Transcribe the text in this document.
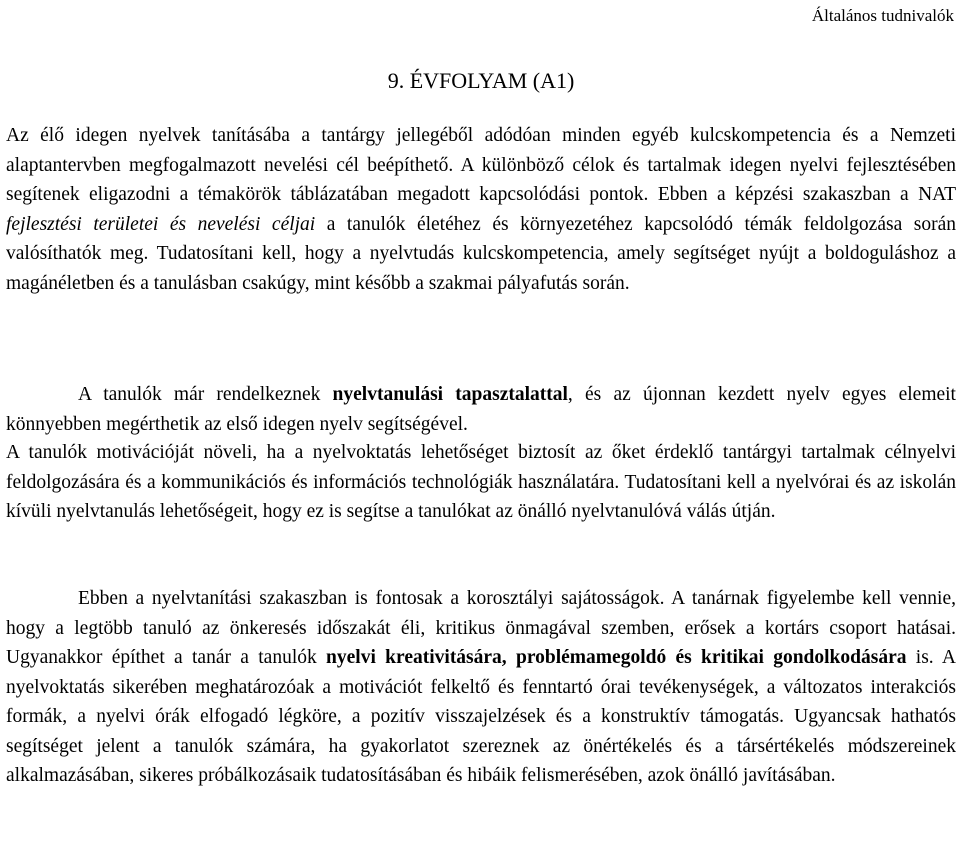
Általános tudnivalók
9. ÉVFOLYAM (A1)

Az élő idegen nyelvek tanításába a tantárgy jellegéből adódóan minden egyéb kulcskompetencia és a Nemzeti alaptantervben megfogalmazott nevelési cél beépíthető. A különböző célok és tartalmak idegen nyelvi fejlesztésében segítenek eligazodni a témakörök táblázatában megadott kapcsolódási pontok. Ebben a képzési szakaszban a NAT fejlesztési területei és nevelési céljai a tanulók életéhez és környezetéhez kapcsolódó témák feldolgozása során valósíthatók meg. Tudatosítani kell, hogy a nyelvtudás kulcskompetencia, amely segítséget nyújt a boldoguláshoz a magánéletben és a tanulásban csakúgy, mint később a szakmai pályafutás során.

A tanulók már rendelkeznek nyelvtanulási tapasztalattal, és az újonnan kezdett nyelv egyes elemeit könnyebben megérthetik az első idegen nyelv segítségével.

A tanulók motivációját növeli, ha a nyelvoktatás lehetőséget biztosít az őket érdeklő tantárgyi tartalmak célnyelvi feldolgozására és a kommunikációs és információs technológiák használatára. Tudatosítani kell a nyelvórai és az iskolán kívüli nyelvtanulás lehetőségeit, hogy ez is segítse a tanulókat az önálló nyelvtanulóvá válás útján.

Ebben a nyelvtanítási szakaszban is fontosak a korosztályi sajátosságok. A tanárnak figyelembe kell vennie, hogy a legtöbb tanuló az önkeresés időszakát éli, kritikus önmagával szemben, erősek a kortárs csoport hatásai. Ugyanakkor építhet a tanár a tanulók nyelvi kreativitására, problémamegoldó és kritikai gondolkodására is. A nyelvoktatás sikerében meghatározóak a motivációt felkeltő és fenntartó órai tevékenységek, a változatos interakciós formák, a nyelvi órák elfogadó légköre, a pozitív visszajelzések és a konstruktív támogatás. Ugyancsak hathatós segítséget jelent a tanulók számára, ha gyakorlatot szereznek az önértékelés és a társértékelés módszereinek alkalmazásában, sikeres próbálkozásaik tudatosításában és hibáik felismerésében, azok önálló javításában.
